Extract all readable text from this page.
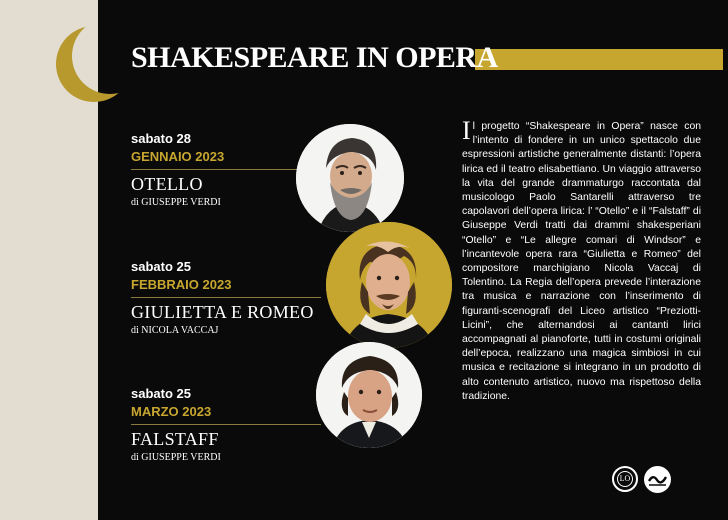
SHAKESPEARE IN OPERA
sabato 28
GENNAIO 2023
OTELLO
di GIUSEPPE VERDI
sabato 25
FEBBRAIO 2023
GIULIETTA E ROMEO
di NICOLA VACCAJ
sabato 25
MARZO 2023
FALSTAFF
di GIUSEPPE VERDI
Il progetto “Shakespeare in Opera” nasce con l’intento di fondere in un unico spettacolo due espressioni artistiche generalmente distanti: l’opera lirica ed il teatro elisabettiano. Un viaggio attraverso la vita del grande drammaturgo raccontata dal musicologo Paolo Santarelli attraverso tre capolavori dell’opera lirica: l’ “Otello” e il “Falstaff” di Giuseppe Verdi tratti dai drammi shakesperiani “Otello” e “Le allegre comari di Windsor” e l’incantevole opera rara “Giulietta e Romeo” del compositore marchigiano Nicola Vaccaj di Tolentino. La Regia dell’opera prevede l’interazione tra musica e narrazione con l’inserimento di figuranti-scenografi del Liceo artistico “Preziotti-Licini”, che alternandosi ai cantanti lirici accompagnati al pianoforte, tutti in costumi originali dell’epoca, realizzano una magica simbiosi in cui musica e recitazione si integrano in un prodotto di alto contenuto artistico, nuovo ma rispettoso della tradizione.
LO
